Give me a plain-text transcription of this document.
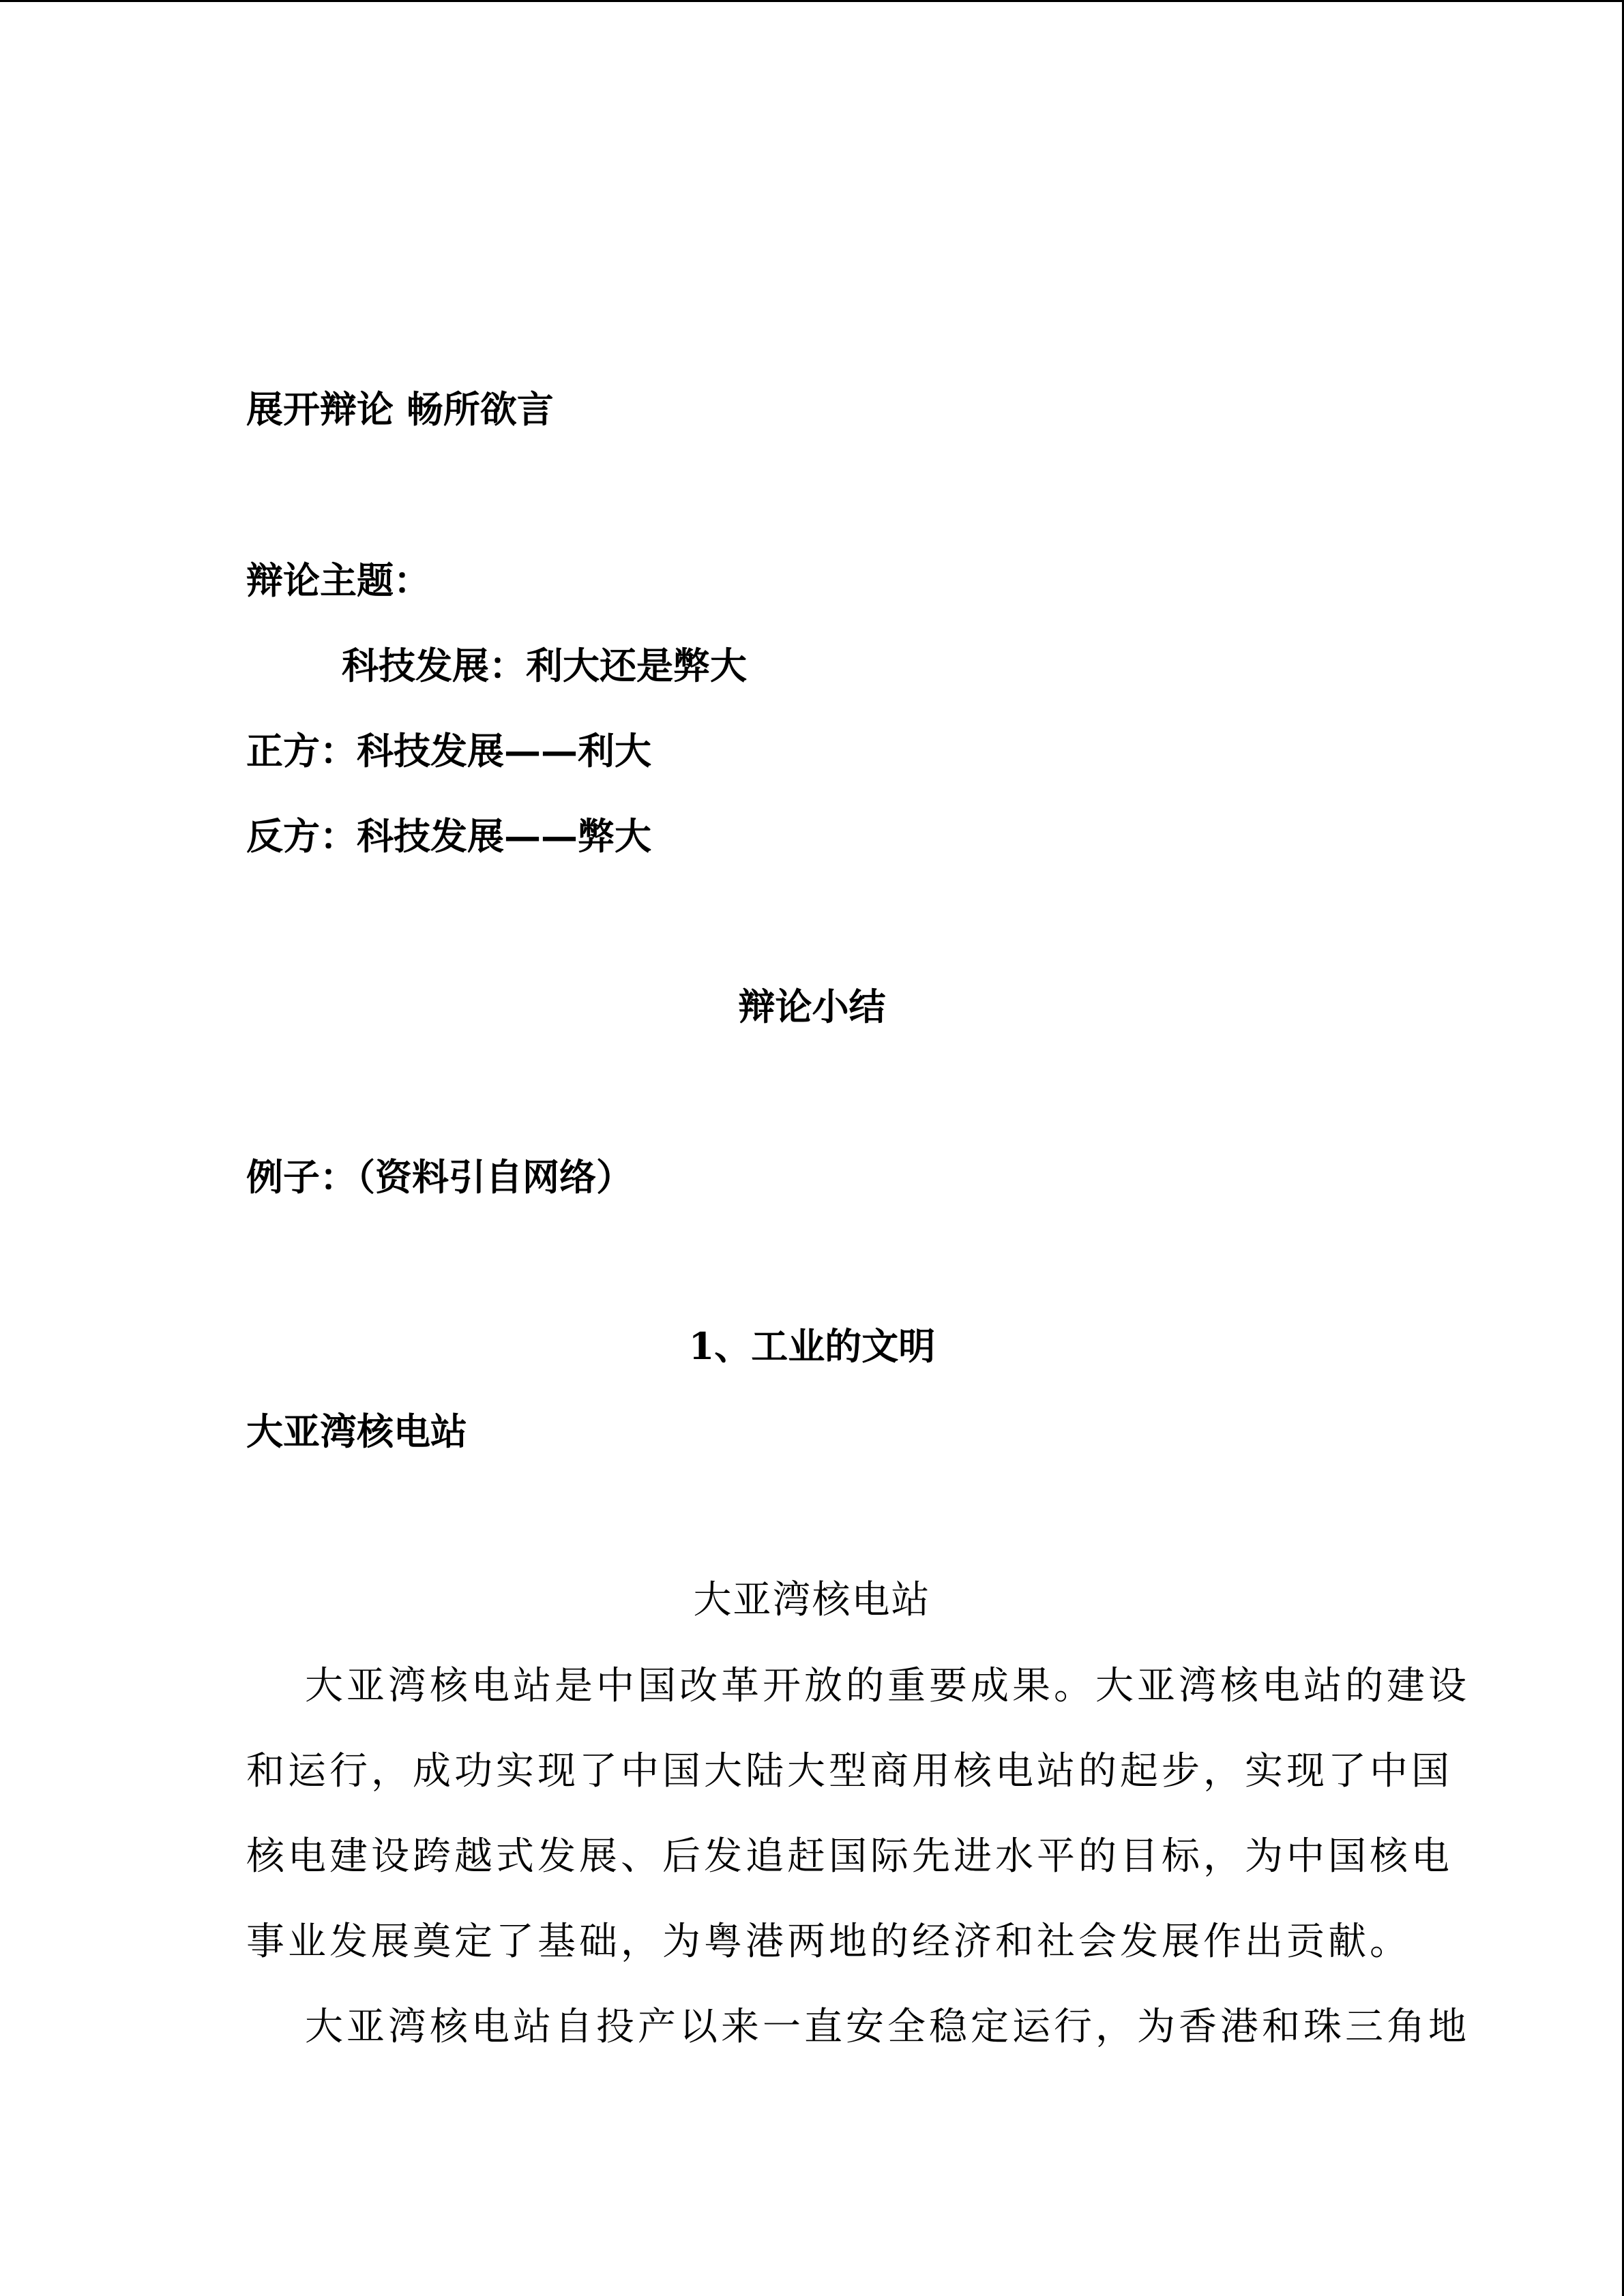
展开辩论 畅所欲言
辩论主题：
科技发展：利大还是弊大
正方：科技发展——利大
反方：科技发展——弊大
辩论小结
例子：（资料引自网络）
1、工业的文明
大亚湾核电站
大亚湾核电站
大亚湾核电站是中国改革开放的重要成果。大亚湾核电站的建设
和运行，成功实现了中国大陆大型商用核电站的起步，实现了中国
核电建设跨越式发展、后发追赶国际先进水平的目标，为中国核电
事业发展奠定了基础，为粤港两地的经济和社会发展作出贡献。
大亚湾核电站自投产以来一直安全稳定运行，为香港和珠三角地
